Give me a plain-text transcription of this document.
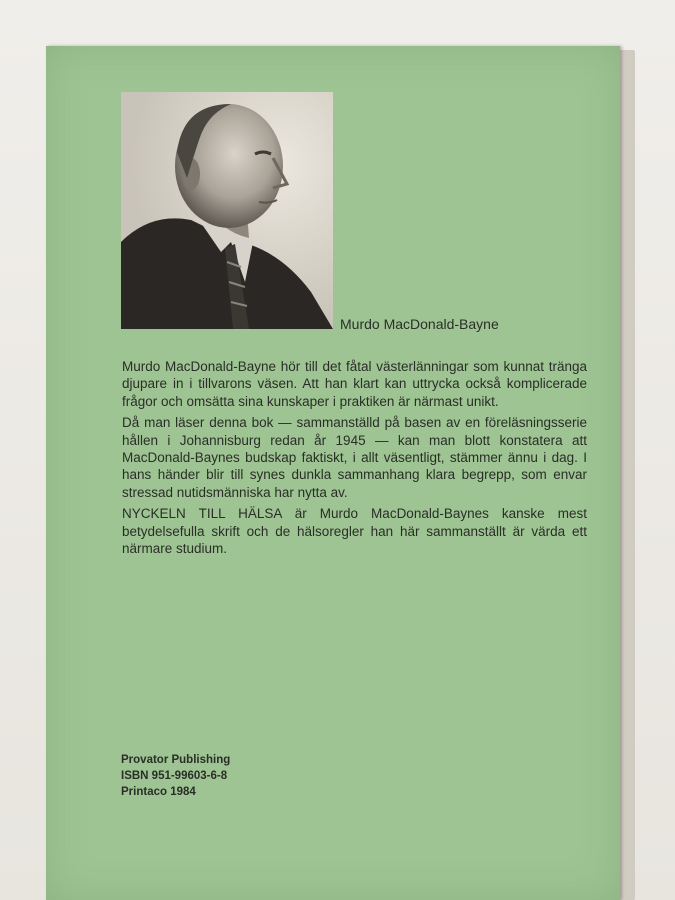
Murdo MacDonald-Bayne

Murdo MacDonald-Bayne hör till det fåtal västerlänningar som kunnat tränga djupare in i tillvarons väsen. Att han klart kan uttrycka också komplicerade frågor och omsätta sina kunskaper i praktiken är närmast unikt.

Då man läser denna bok — sammanställd på basen av en föreläsningsserie hållen i Johannisburg redan år 1945 — kan man blott konstatera att MacDonald-Baynes budskap faktiskt, i allt väsentligt, stämmer ännu i dag. I hans händer blir till synes dunkla sammanhang klara begrepp, som envar stressad nutidsmänniska har nytta av.

NYCKELN TILL HÄLSA är Murdo MacDonald-Baynes kanske mest betydelsefulla skrift och de hälsoregler han här sammanställt är värda ett närmare studium.

Provator Publishing
ISBN 951-99603-6-8
Printaco 1984
